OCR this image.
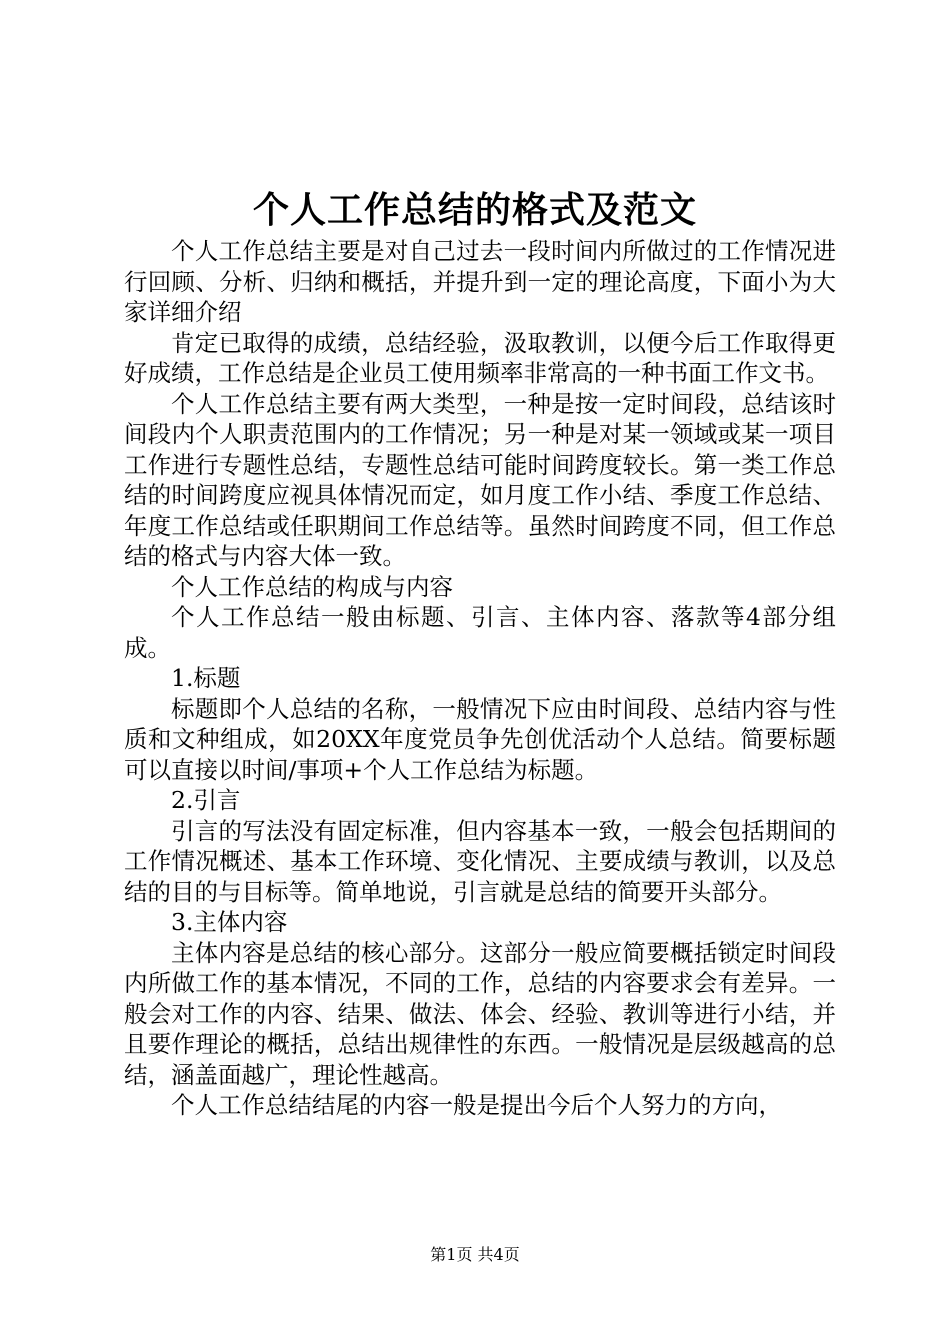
个人工作总结的格式及范文

个人工作总结主要是对自己过去一段时间内所做过的工作情况进行回顾、分析、归纳和概括，并提升到一定的理论高度，下面小为大家详细介绍

肯定已取得的成绩，总结经验，汲取教训，以便今后工作取得更好成绩，工作总结是企业员工使用频率非常高的一种书面工作文书。

个人工作总结主要有两大类型，一种是按一定时间段，总结该时间段内个人职责范围内的工作情况；另一种是对某一领域或某一项目工作进行专题性总结，专题性总结可能时间跨度较长。第一类工作总结的时间跨度应视具体情况而定，如月度工作小结、季度工作总结、年度工作总结或任职期间工作总结等。虽然时间跨度不同，但工作总结的格式与内容大体一致。

个人工作总结的构成与内容

个人工作总结一般由标题、引言、主体内容、落款等4部分组成。

1.标题

标题即个人总结的名称，一般情况下应由时间段、总结内容与性质和文种组成，如20XX年度党员争先创优活动个人总结。简要标题可以直接以时间/事项+个人工作总结为标题。

2.引言

引言的写法没有固定标准，但内容基本一致，一般会包括期间的工作情况概述、基本工作环境、变化情况、主要成绩与教训，以及总结的目的与目标等。简单地说，引言就是总结的简要开头部分。

3.主体内容

主体内容是总结的核心部分。这部分一般应简要概括锁定时间段内所做工作的基本情况，不同的工作，总结的内容要求会有差异。一般会对工作的内容、结果、做法、体会、经验、教训等进行小结，并且要作理论的概括，总结出规律性的东西。一般情况是层级越高的总结，涵盖面越广，理论性越高。

个人工作总结结尾的内容一般是提出今后个人努力的方向，

第1页 共4页
